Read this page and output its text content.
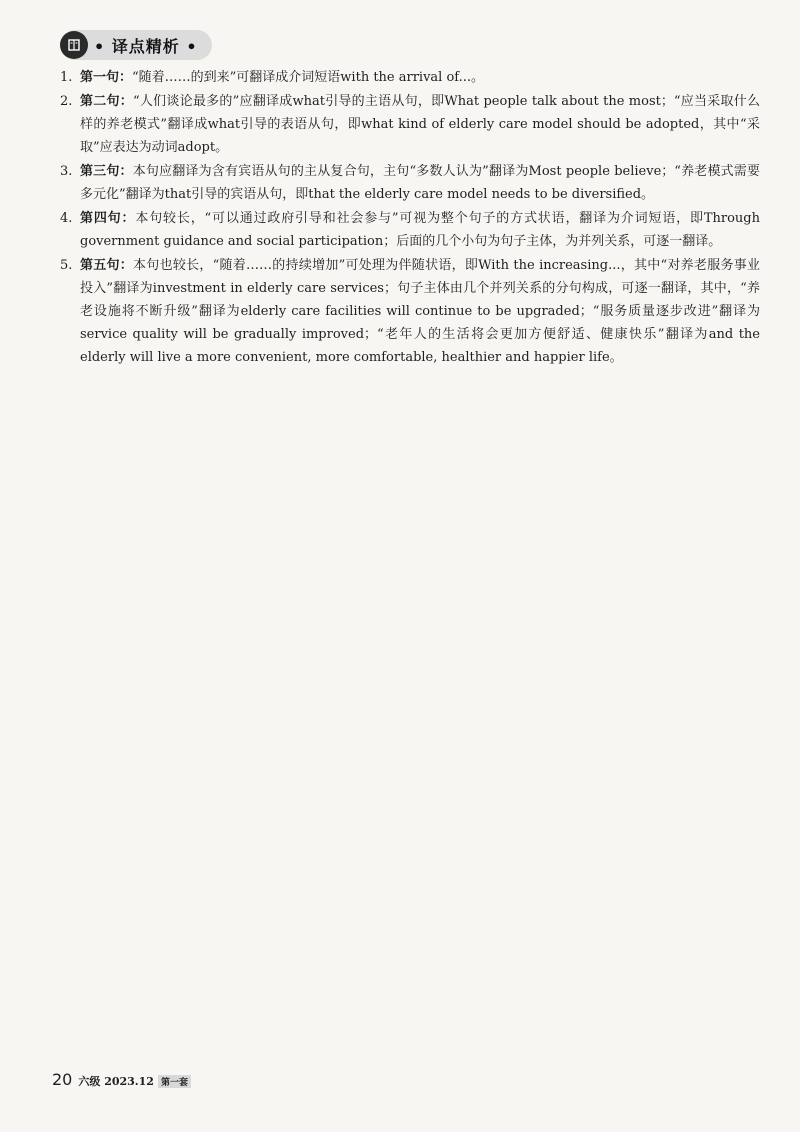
• 译点精析 •
1. 第一句：“随着……的到来”可翻译成介词短语with the arrival of...。
2. 第二句：“人们谈论最多的”应翻译成what引导的主语从句，即What people talk about the most；“应当采取什么样的养老模式”翻译成what引导的表语从句，即what kind of elderly care model should be adopted，其中“采取”应表达为动词adopt。
3. 第三句：本句应翻译为含有宾语从句的主从复合句，主句“多数人认为”翻译为Most people believe；“养老模式需要多元化”翻译为that引导的宾语从句，即that the elderly care model needs to be diversified。
4. 第四句：本句较长，“可以通过政府引导和社会参与”可视为整个句子的方式状语，翻译为介词短语，即Through government guidance and social participation；后面的几个小句为句子主体，为并列关系，可逐一翻译。
5. 第五句：本句也较长，“随着……的持续增加”可处理为伴随状语，即With the increasing...，其中“对养老服务事业投入”翻译为investment in elderly care services；句子主体由几个并列关系的分句构成，可逐一翻译，其中，“养老设施将不断升级”翻译为elderly care facilities will continue to be upgraded；“服务质量逐步改进”翻译为service quality will be gradually improved；“老年人的生活将会更加方便舒适、健康快乐”翻译为and the elderly will live a more convenient, more comfortable, healthier and happier life。
20 六级 2023.12 第一套
